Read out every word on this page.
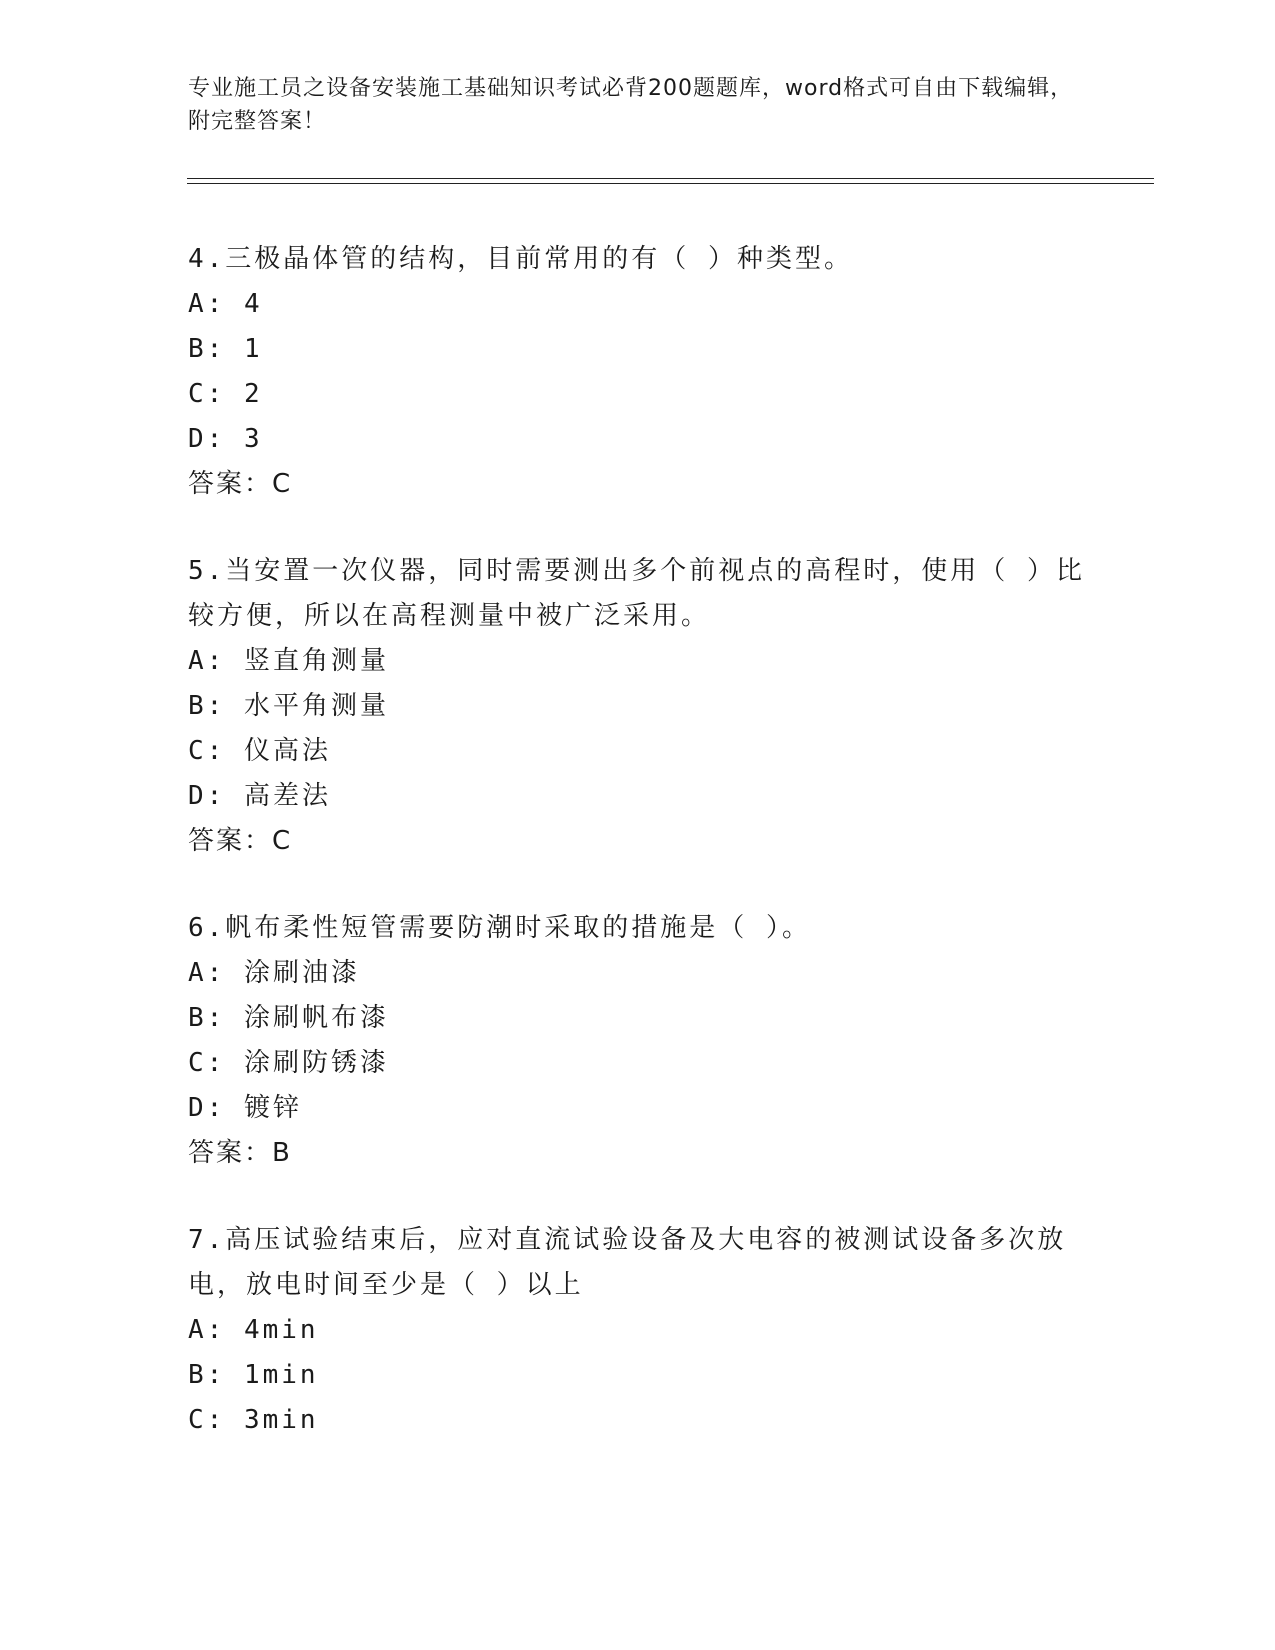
专业施工员之设备安装施工基础知识考试必背200题题库，word格式可自由下载编辑，附完整答案！

4.三极晶体管的结构，目前常用的有（ ）种类型。

A: 4

B: 1

C: 2

D: 3

答案：C

5.当安置一次仪器，同时需要测出多个前视点的高程时，使用（ ）比较方便，所以在高程测量中被广泛采用。

A: 竖直角测量

B: 水平角测量

C: 仪高法

D: 高差法

答案：C

6.帆布柔性短管需要防潮时采取的措施是（ ）。

A: 涂刷油漆

B: 涂刷帆布漆

C: 涂刷防锈漆

D: 镀锌

答案：B

7.高压试验结束后，应对直流试验设备及大电容的被测试设备多次放电，放电时间至少是（ ）以上

A: 4min

B: 1min

C: 3min
